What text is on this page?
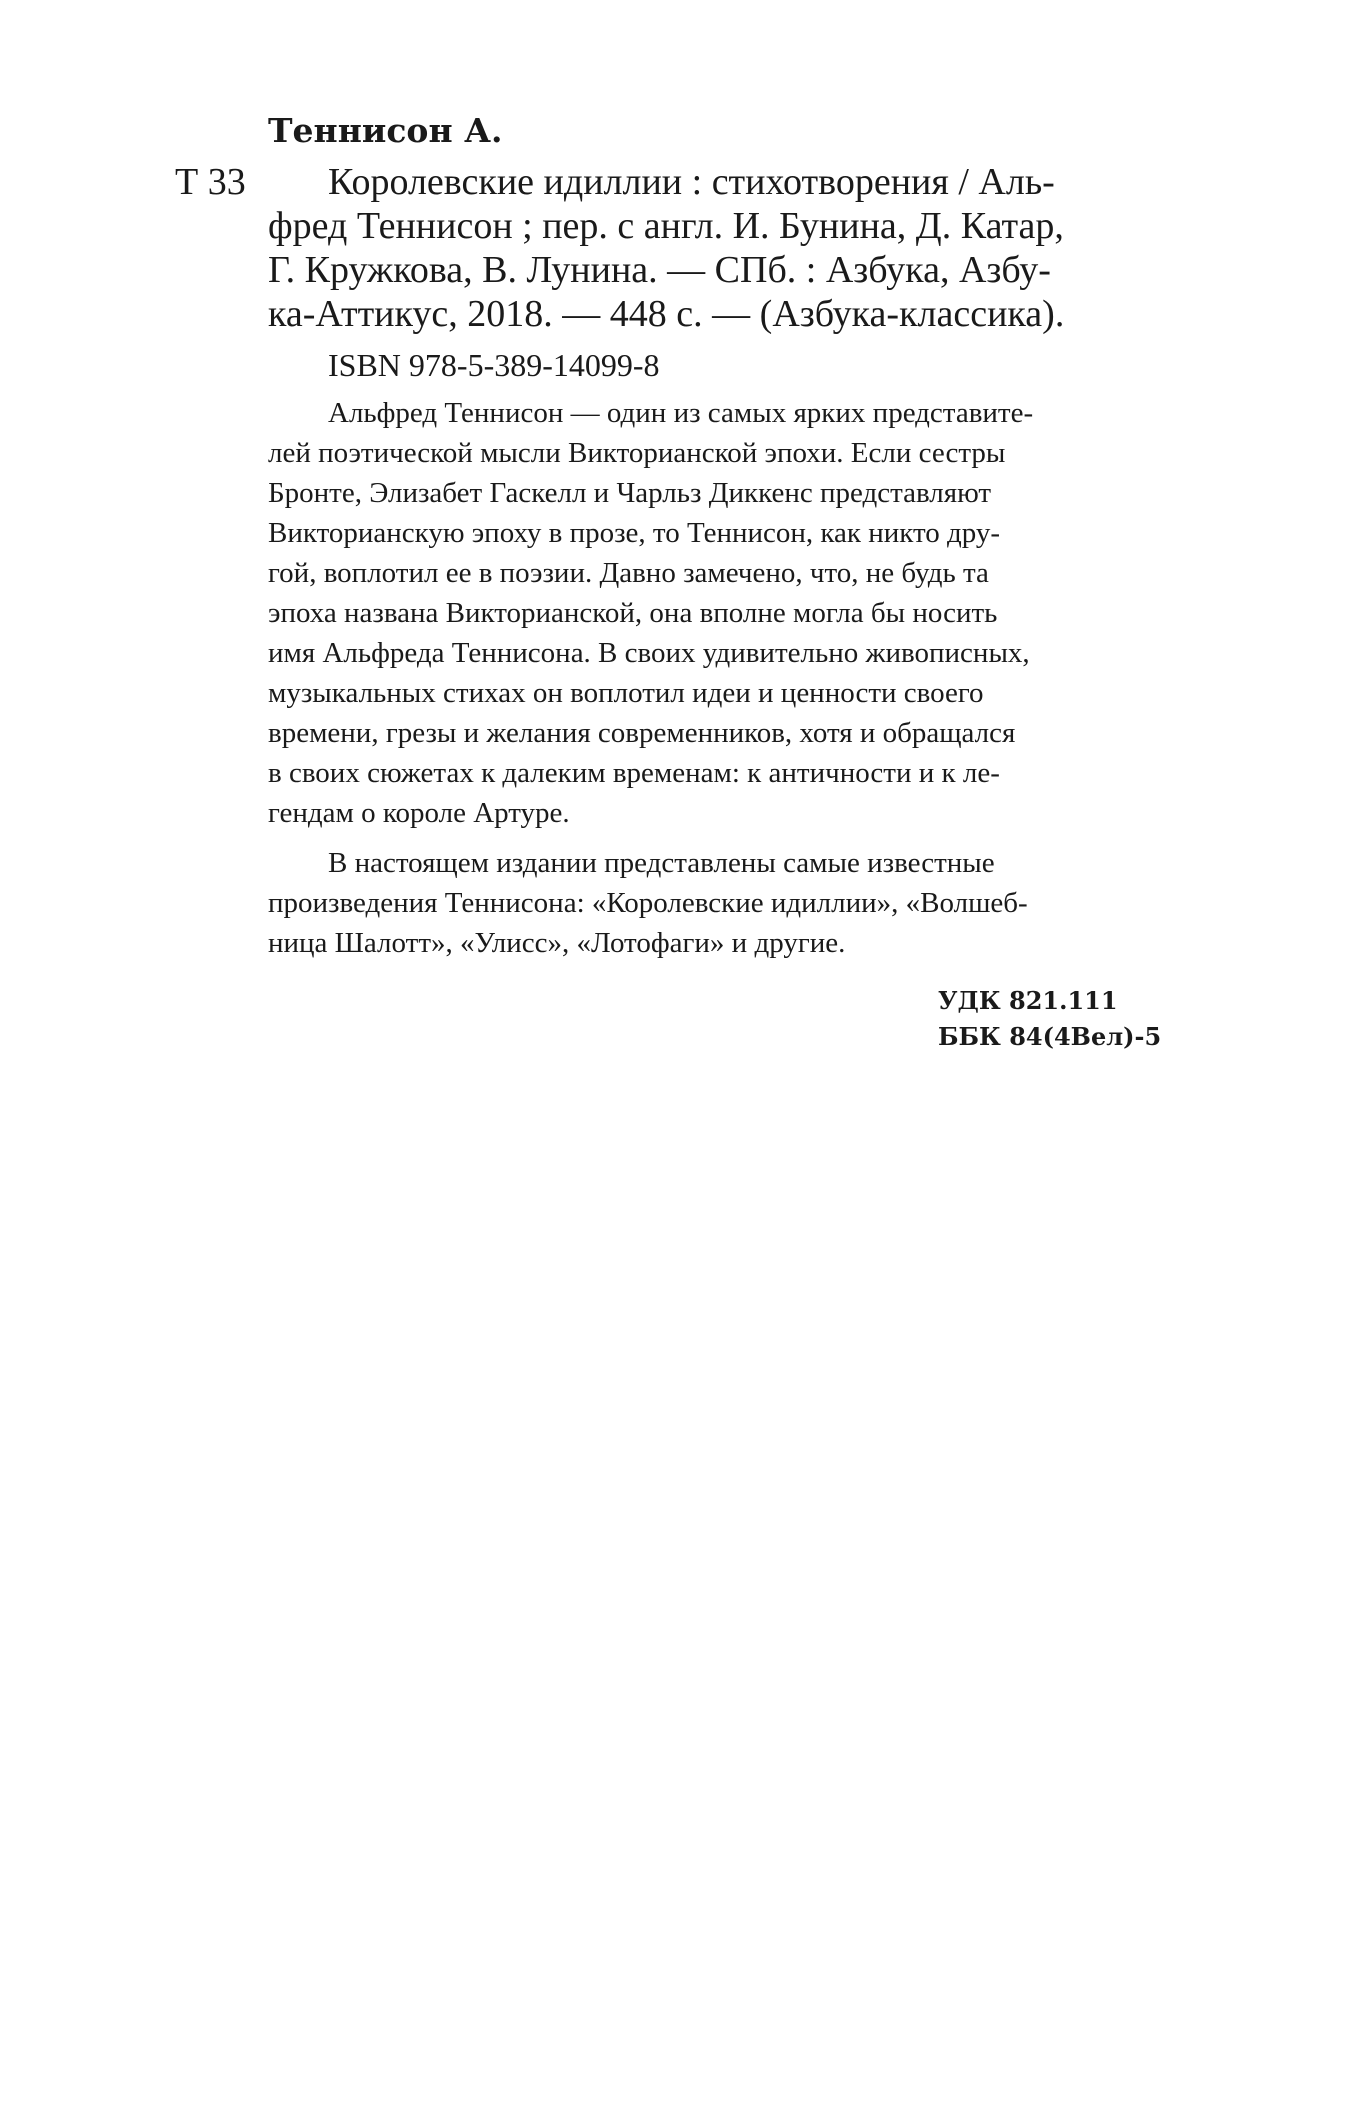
Теннисон А.
Т 33 Королевские идиллии : стихотворения / Аль-
фред Теннисон ; пер. с англ. И. Бунина, Д. Катар,
Г. Кружкова, В. Лунина. — СПб. : Азбука, Азбу-
ка-Аттикус, 2018. — 448 с. — (Азбука-классика).
ISBN 978-5-389-14099-8
Альфред Теннисон — один из самых ярких представите-
лей поэтической мысли Викторианской эпохи. Если сестры
Бронте, Элизабет Гаскелл и Чарльз Диккенс представляют
Викторианскую эпоху в прозе, то Теннисон, как никто дру-
гой, воплотил ее в поэзии. Давно замечено, что, не будь та
эпоха названа Викторианской, она вполне могла бы носить
имя Альфреда Теннисона. В своих удивительно живописных,
музыкальных стихах он воплотил идеи и ценности своего
времени, грезы и желания современников, хотя и обращался
в своих сюжетах к далеким временам: к античности и к ле-
гендам о короле Артуре.
В настоящем издании представлены самые известные
произведения Теннисона: «Королевские идиллии», «Волшеб-
ница Шалотт», «Улисс», «Лотофаги» и другие.
УДК 821.111
ББК 84(4Вел)-5
